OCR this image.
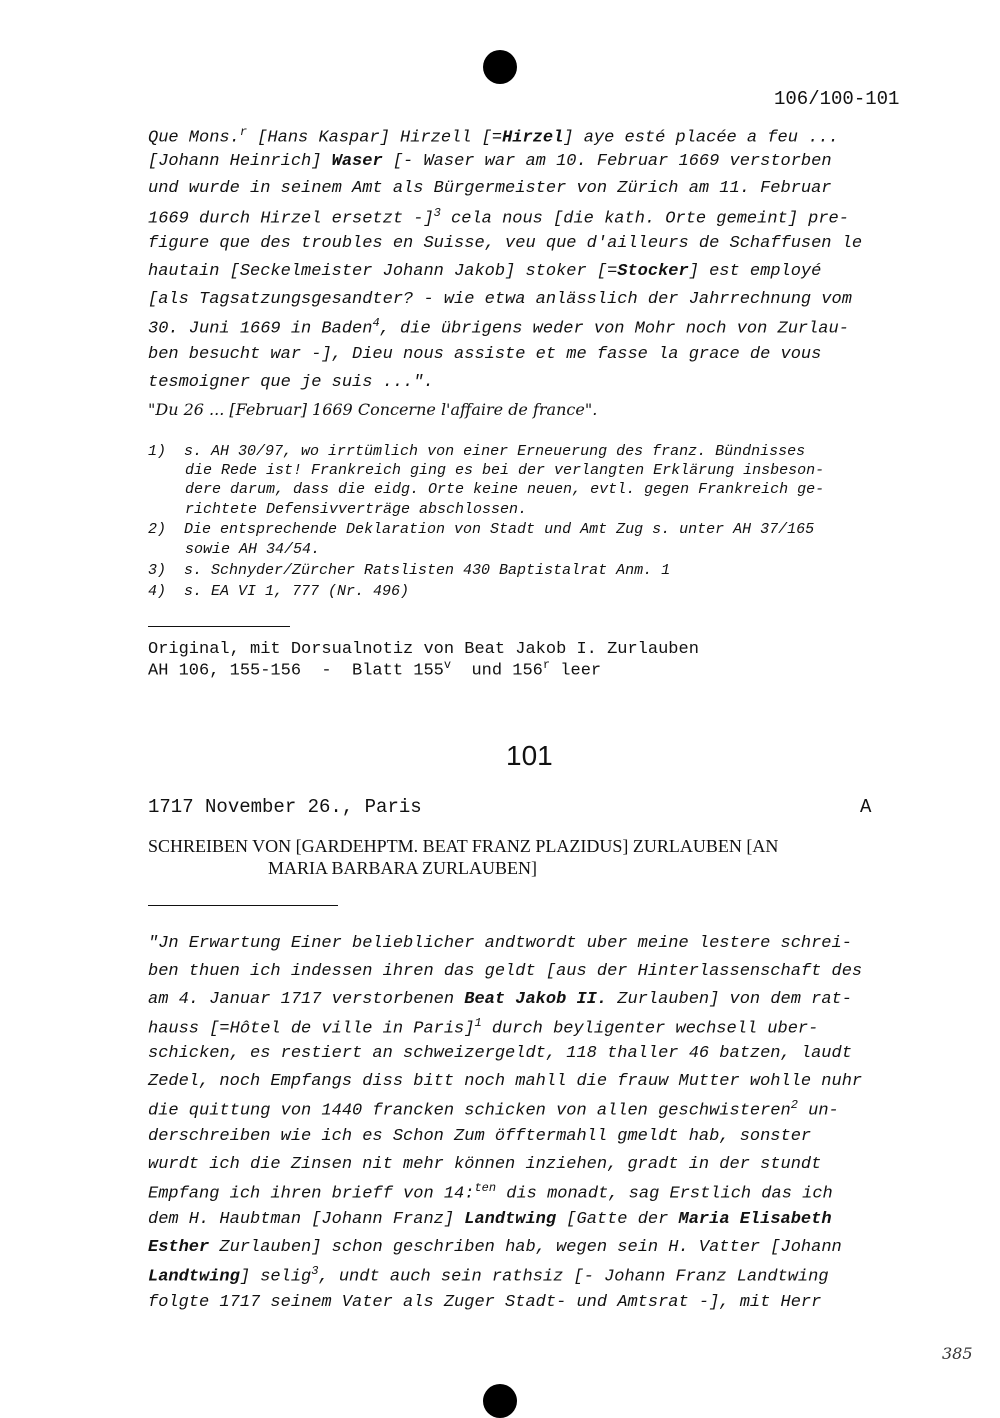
106/100-101
Que Mons.$^r$ [Hans Kaspar] Hirzell [=Hirzel] aye esté placée a feu ...
[Johann Heinrich] Waser [- Waser war am 10. Februar 1669 verstorben
und wurde in seinem Amt als Bürgermeister von Zürich am 11. Februar
1669 durch Hirzel ersetzt -]$^3$ cela nous [die kath. Orte gemeint] pre-
figure que des troubles en Suisse, veu que d'ailleurs de Schaffusen le
hautain [Seckelmeister Johann Jakob] stoker [=Stocker] est employé
[als Tagsatzungsgesandter? - wie etwa anlässlich der Jahrrechnung vom
30. Juni 1669 in Baden$^4$, die übrigens weder von Mohr noch von Zurlau-
ben besucht war -], Dieu nous assiste et me fasse la grace de vous
tesmoigner que je suis ...".
"Du 26 ... [Februar] 1669 Concerne l'affaire de france".
1)  s. AH 30/97, wo irrtümlich von einer Erneuerung des franz. Bündnisses
die Rede ist! Frankreich ging es bei der verlangten Erklärung insbeson-
dere darum, dass die eidg. Orte keine neuen, evtl. gegen Frankreich ge-
richtete Defensivverträge abschlossen.
2)  Die entsprechende Deklaration von Stadt und Amt Zug s. unter AH 37/165
sowie AH 34/54.
3)  s. Schnyder/Zürcher Ratslisten 430 Baptistalrat Anm. 1
4)  s. EA VI 1, 777 (Nr. 496)
Original, mit Dorsualnotiz von Beat Jakob I. Zurlauben
AH 106, 155-156  -  Blatt 155$^v$  und 156$^r$ leer
101
1717 November 26., Paris	A
SCHREIBEN VON [GARDEHPTM. BEAT FRANZ PLAZIDUS] ZURLAUBEN [AN
MARIA BARBARA ZURLAUBEN]
"Jn Erwartung Einer belieblicher andtwordt uber meine lestere schrei-
ben thuen ich indessen ihren das geldt [aus der Hinterlassenschaft des
am 4. Januar 1717 verstorbenen Beat Jakob II. Zurlauben] von dem rat-
hauss [=Hôtel de ville in Paris]$^1$ durch beyligenter wechsell uber-
schicken, es restiert an schweizergeldt, 118 thaller 46 batzen, laudt
Zedel, noch Empfangs diss bitt noch mahll die frauw Mutter wohlle nuhr
die quittung von 1440 francken schicken von allen geschwisteren$^2$ un-
derschreiben wie ich es Schon Zum öfftermahll gmeldt hab, sonster
wurdt ich die Zinsen nit mehr können inziehen, gradt in der stundt
Empfang ich ihren brieff von 14:$^{ten}$ dis monadt, sag Erstlich das ich
dem H. Haubtman [Johann Franz] Landtwing [Gatte der Maria Elisabeth
Esther Zurlauben] schon geschriben hab, wegen sein H. Vatter [Johann
Landtwing] selig$^3$, undt auch sein rathsiz [- Johann Franz Landtwing
folgte 1717 seinem Vater als Zuger Stadt- und Amtsrat -], mit Herr
385
